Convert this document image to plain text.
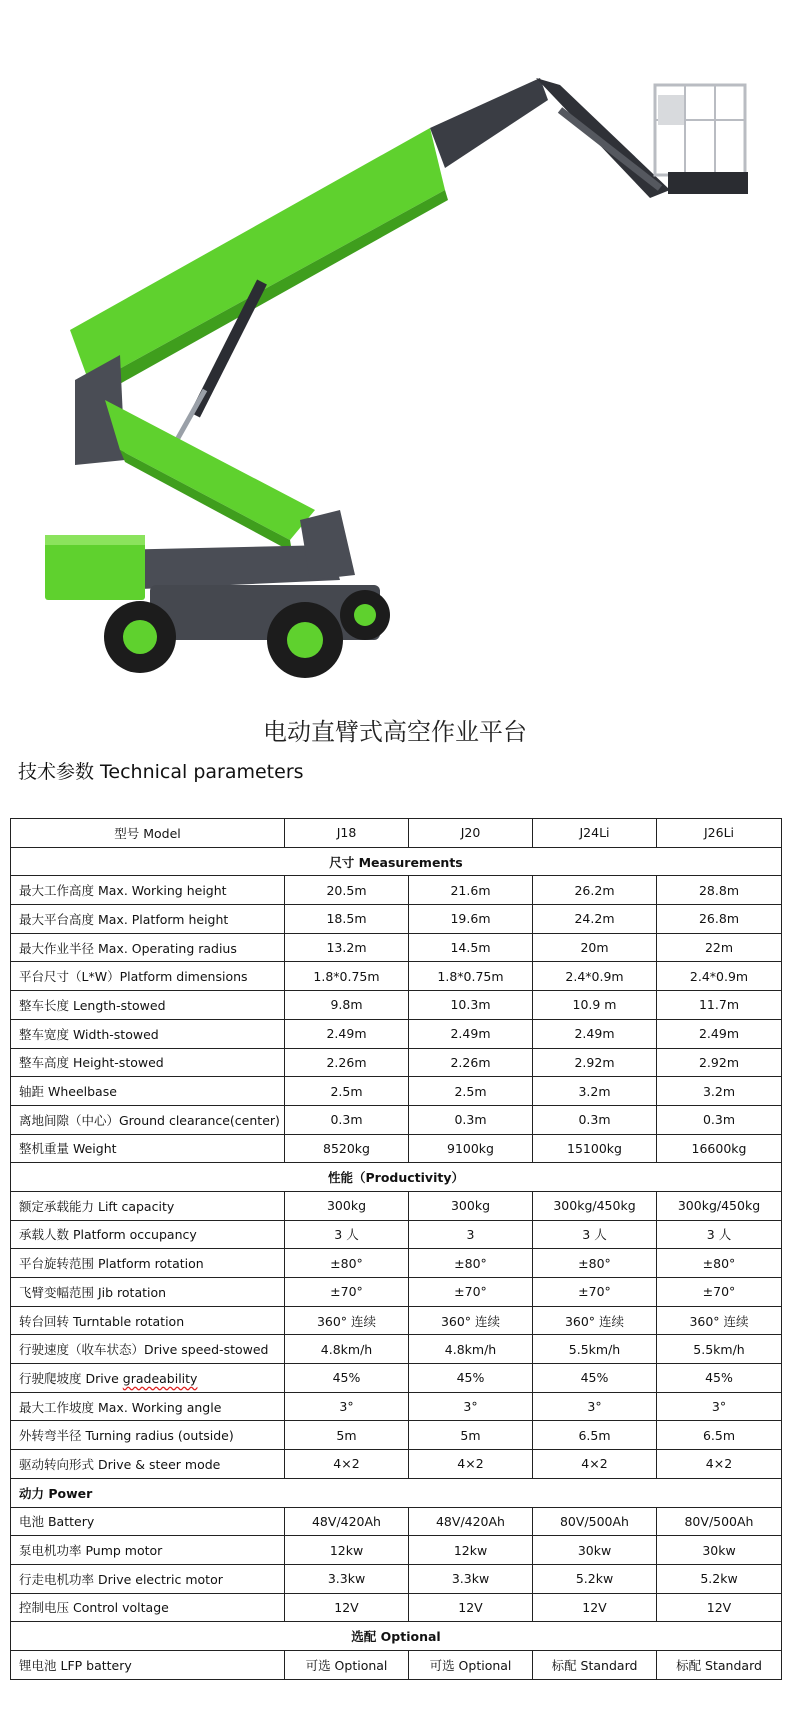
电动直臂式高空作业平台
技术参数 Technical parameters
型号 Model	J18	J20	J24Li	J26Li
尺寸 Measurements				
最大工作高度 Max. Working height	20.5m	21.6m	26.2m	28.8m
最大平台高度 Max. Platform height	18.5m	19.6m	24.2m	26.8m
最大作业半径 Max. Operating radius	13.2m	14.5m	20m	22m
平台尺寸（L*W）Platform dimensions	1.8*0.75m	1.8*0.75m	2.4*0.9m	2.4*0.9m
整车长度 Length-stowed	9.8m	10.3m	10.9 m	11.7m
整车宽度 Width-stowed	2.49m	2.49m	2.49m	2.49m
整车高度 Height-stowed	2.26m	2.26m	2.92m	2.92m
轴距 Wheelbase	2.5m	2.5m	3.2m	3.2m
离地间隙（中心）Ground clearance(center)	0.3m	0.3m	0.3m	0.3m
整机重量 Weight	8520kg	9100kg	15100kg	16600kg
性能（Productivity）				
额定承载能力 Lift capacity	300kg	300kg	300kg/450kg	300kg/450kg
承载人数 Platform occupancy	3 人	3	3 人	3 人
平台旋转范围 Platform rotation	±80°	±80°	±80°	±80°
飞臂变幅范围 Jib rotation	±70°	±70°	±70°	±70°
转台回转 Turntable rotation	360° 连续	360° 连续	360° 连续	360° 连续
行驶速度（收车状态）Drive speed-stowed	4.8km/h	4.8km/h	5.5km/h	5.5km/h
行驶爬坡度 Drive gradeability	45%	45%	45%	45%
最大工作坡度 Max. Working angle	3°	3°	3°	3°
外转弯半径 Turning radius (outside)	5m	5m	6.5m	6.5m
驱动转向形式 Drive & steer mode	4×2	4×2	4×2	4×2
动力 Power				
电池 Battery	48V/420Ah	48V/420Ah	80V/500Ah	80V/500Ah
泵电机功率 Pump motor	12kw	12kw	30kw	30kw
行走电机功率 Drive electric motor	3.3kw	3.3kw	5.2kw	5.2kw
控制电压 Control voltage	12V	12V	12V	12V
选配 Optional				
锂电池 LFP battery	可选 Optional	可选 Optional	标配 Standard	标配 Standard
